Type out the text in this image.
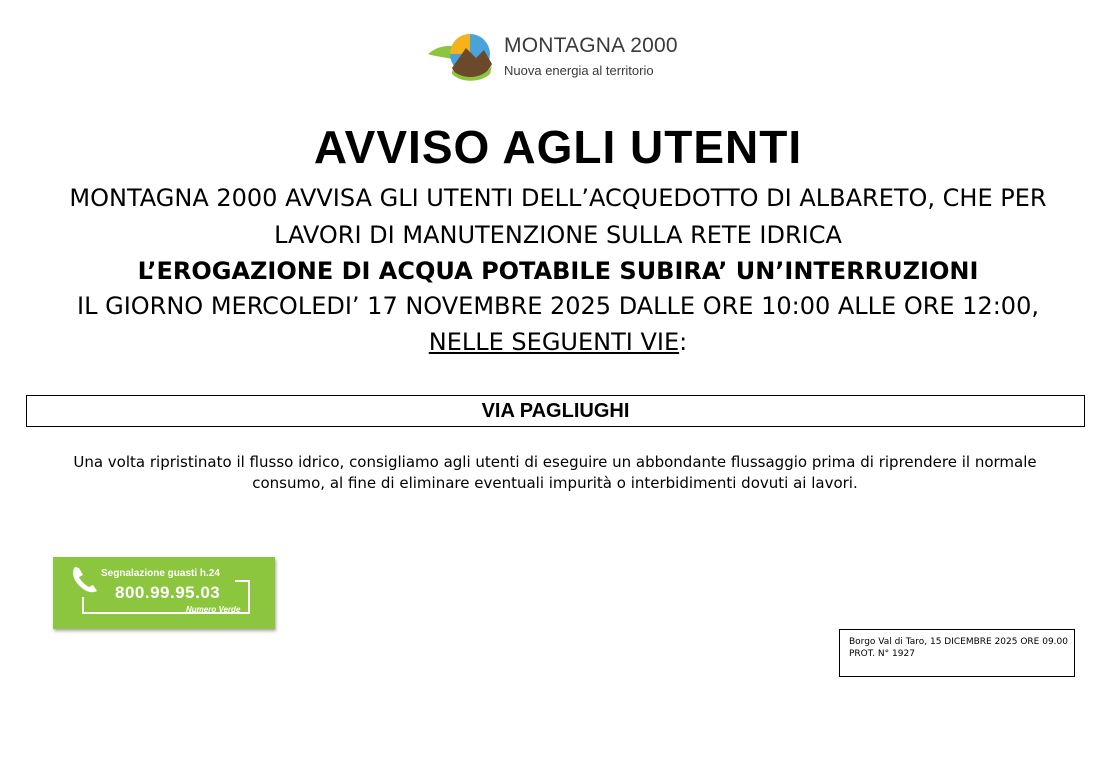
MONTAGNA 2000
Nuova energia al territorio
AVVISO AGLI UTENTI
MONTAGNA 2000 AVVISA GLI UTENTI DELL’ACQUEDOTTO DI ALBARETO, CHE PER
LAVORI DI MANUTENZIONE SULLA RETE IDRICA
L’EROGAZIONE DI ACQUA POTABILE SUBIRA’ UN’INTERRUZIONI
IL GIORNO MERCOLEDI’ 17 NOVEMBRE 2025 DALLE ORE 10:00 ALLE ORE 12:00,
NELLE SEGUENTI VIE:
VIA PAGLIUGHI
Una volta ripristinato il flusso idrico, consigliamo agli utenti di eseguire un abbondante flussaggio prima di riprendere il normale
consumo, al fine di eliminare eventuali impurità o interbidimenti dovuti ai lavori.
Segnalazione guasti h.24
800.99.95.03
Numero Verde
Borgo Val di Taro, 15 DICEMBRE 2025 ORE 09.00
PROT. N° 1927
